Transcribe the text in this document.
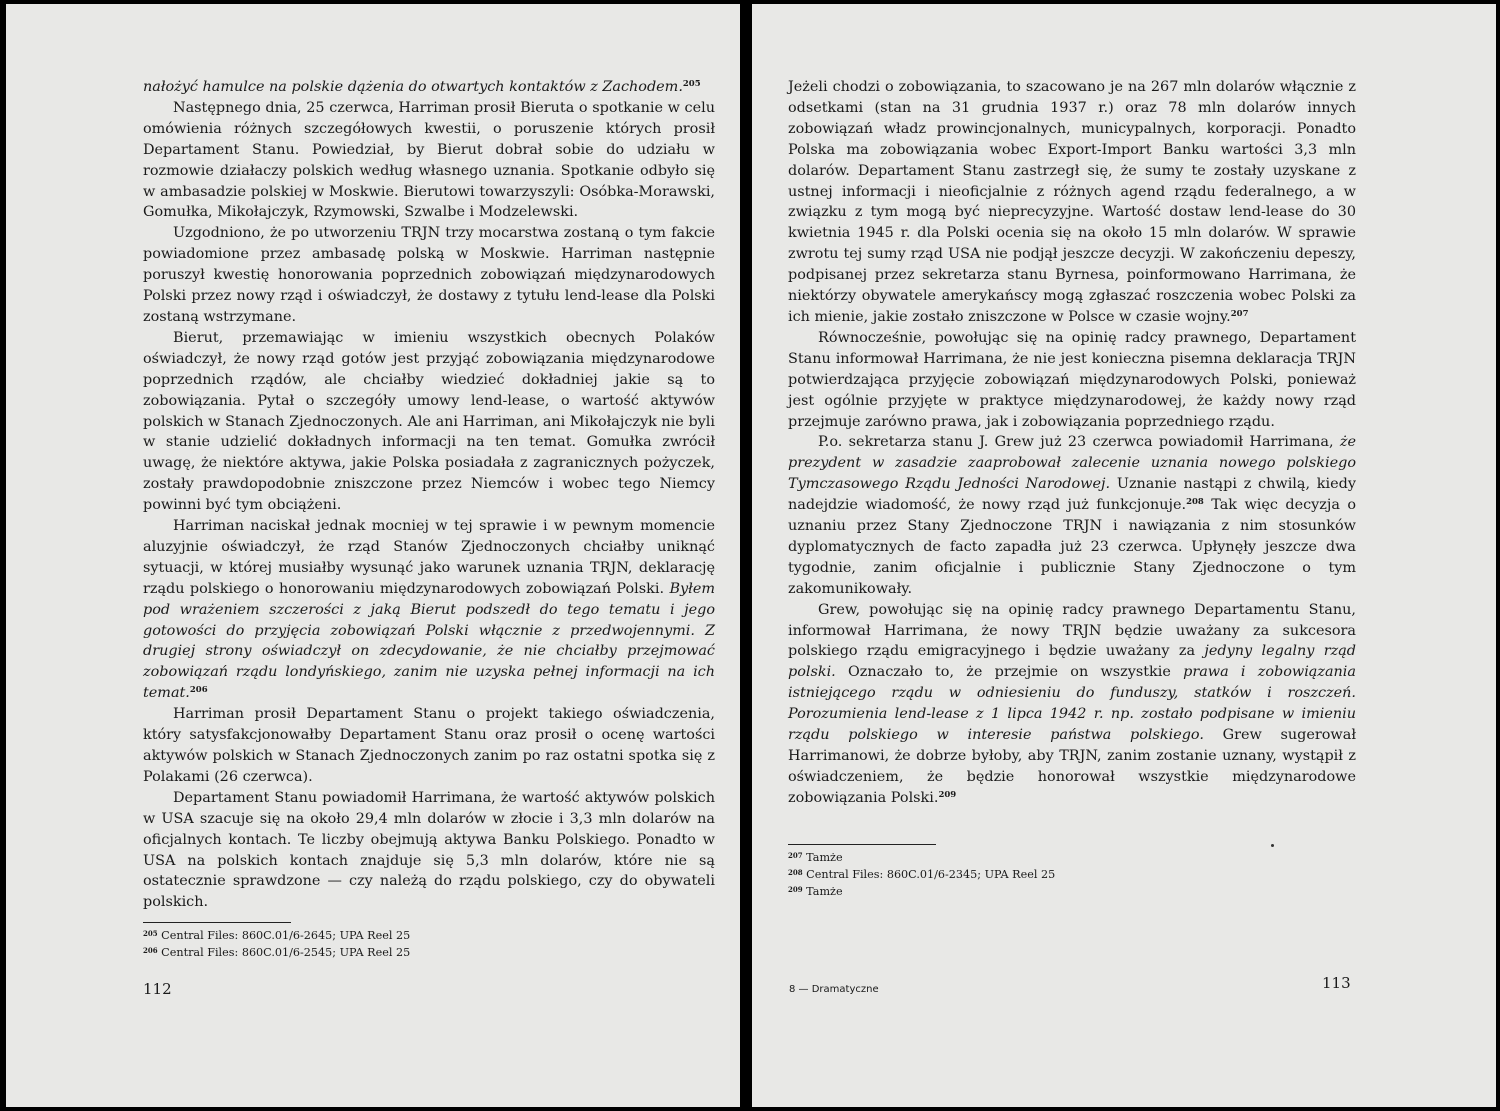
nałożyć hamulce na polskie dążenia do otwartych kontaktów z Zachodem.$^{205}$

Następnego dnia, 25 czerwca, Harriman prosił Bieruta o spotkanie w celu omówienia różnych szczegółowych kwestii, o poruszenie których prosił Departament Stanu. Powiedział, by Bierut dobrał sobie do udziału w rozmowie działaczy polskich według własnego uznania. Spotkanie odbyło się w ambasadzie polskiej w Moskwie. Bierutowi towarzyszyli: Osóbka-Morawski, Gomułka, Mikołajczyk, Rzymowski, Szwalbe i Modzelewski.

Uzgodniono, że po utworzeniu TRJN trzy mocarstwa zostaną o tym fakcie powiadomione przez ambasadę polską w Moskwie. Harriman następnie poruszył kwestię honorowania poprzednich zobowiązań międzynarodowych Polski przez nowy rząd i oświadczył, że dostawy z tytułu lend-lease dla Polski zostaną wstrzymane.

Bierut, przemawiając w imieniu wszystkich obecnych Polaków oświadczył, że nowy rząd gotów jest przyjąć zobowiązania międzynarodowe poprzednich rządów, ale chciałby wiedzieć dokładniej jakie są to zobowiązania. Pytał o szczegóły umowy lend-lease, o wartość aktywów polskich w Stanach Zjednoczonych. Ale ani Harriman, ani Mikołajczyk nie byli w stanie udzielić dokładnych informacji na ten temat. Gomułka zwrócił uwagę, że niektóre aktywa, jakie Polska posiadała z zagranicznych pożyczek, zostały prawdopodobnie zniszczone przez Niemców i wobec tego Niemcy powinni być tym obciążeni.

Harriman naciskał jednak mocniej w tej sprawie i w pewnym momencie aluzyjnie oświadczył, że rząd Stanów Zjednoczonych chciałby uniknąć sytuacji, w której musiałby wysunąć jako warunek uznania TRJN, deklarację rządu polskiego o honorowaniu międzynarodowych zobowiązań Polski. Byłem pod wrażeniem szczerości z jaką Bierut podszedł do tego tematu i jego gotowości do przyjęcia zobowiązań Polski włącznie z przedwojennymi. Z drugiej strony oświadczył on zdecydowanie, że nie chciałby przejmować zobowiązań rządu londyńskiego, zanim nie uzyska pełnej informacji na ich temat.$^{206}$

Harriman prosił Departament Stanu o projekt takiego oświadczenia, który satysfakcjonowałby Departament Stanu oraz prosił o ocenę wartości aktywów polskich w Stanach Zjednoczonych zanim po raz ostatni spotka się z Polakami (26 czerwca).

Departament Stanu powiadomił Harrimana, że wartość aktywów polskich w USA szacuje się na około 29,4 mln dolarów w złocie i 3,3 mln dolarów na oficjalnych kontach. Te liczby obejmują aktywa Banku Polskiego. Ponadto w USA na polskich kontach znajduje się 5,3 mln dolarów, które nie są ostatecznie sprawdzone — czy należą do rządu polskiego, czy do obywateli polskich.

$^{205}$ Central Files: 860C.01/6-2645; UPA Reel 25
$^{206}$ Central Files: 860C.01/6-2545; UPA Reel 25
112

Jeżeli chodzi o zobowiązania, to szacowano je na 267 mln dolarów włącznie z odsetkami (stan na 31 grudnia 1937 r.) oraz 78 mln dolarów innych zobowiązań władz prowincjonalnych, municypalnych, korporacji. Ponadto Polska ma zobowiązania wobec Export-Import Banku wartości 3,3 mln dolarów. Departament Stanu zastrzegł się, że sumy te zostały uzyskane z ustnej informacji i nieoficjalnie z różnych agend rządu federalnego, a w związku z tym mogą być nieprecyzyjne. Wartość dostaw lend-lease do 30 kwietnia 1945 r. dla Polski ocenia się na około 15 mln dolarów. W sprawie zwrotu tej sumy rząd USA nie podjął jeszcze decyzji. W zakończeniu depeszy, podpisanej przez sekretarza stanu Byrnesa, poinformowano Harrimana, że niektórzy obywatele amerykańscy mogą zgłaszać roszczenia wobec Polski za ich mienie, jakie zostało zniszczone w Polsce w czasie wojny.$^{207}$

Równocześnie, powołując się na opinię radcy prawnego, Departament Stanu informował Harrimana, że nie jest konieczna pisemna deklaracja TRJN potwierdzająca przyjęcie zobowiązań międzynarodowych Polski, ponieważ jest ogólnie przyjęte w praktyce międzynarodowej, że każdy nowy rząd przejmuje zarówno prawa, jak i zobowiązania poprzedniego rządu.

P.o. sekretarza stanu J. Grew już 23 czerwca powiadomił Harrimana, że prezydent w zasadzie zaaprobował zalecenie uznania nowego polskiego Tymczasowego Rządu Jedności Narodowej. Uznanie nastąpi z chwilą, kiedy nadejdzie wiadomość, że nowy rząd już funkcjonuje.$^{208}$ Tak więc decyzja o uznaniu przez Stany Zjednoczone TRJN i nawiązania z nim stosunków dyplomatycznych de facto zapadła już 23 czerwca. Upłynęły jeszcze dwa tygodnie, zanim oficjalnie i publicznie Stany Zjednoczone o tym zakomunikowały.

Grew, powołując się na opinię radcy prawnego Departamentu Stanu, informował Harrimana, że nowy TRJN będzie uważany za sukcesora polskiego rządu emigracyjnego i będzie uważany za jedyny legalny rząd polski. Oznaczało to, że przejmie on wszystkie prawa i zobowiązania istniejącego rządu w odniesieniu do funduszy, statków i roszczeń. Porozumienia lend-lease z 1 lipca 1942 r. np. zostało podpisane w imieniu rządu polskiego w interesie państwa polskiego. Grew sugerował Harrimanowi, że dobrze byłoby, aby TRJN, zanim zostanie uznany, wystąpił z oświadczeniem, że będzie honorował wszystkie międzynarodowe zobowiązania Polski.$^{209}$

$^{207}$ Tamże
$^{208}$ Central Files: 860C.01/6-2345; UPA Reel 25
$^{209}$ Tamże
8 — Dramatyczne	113
